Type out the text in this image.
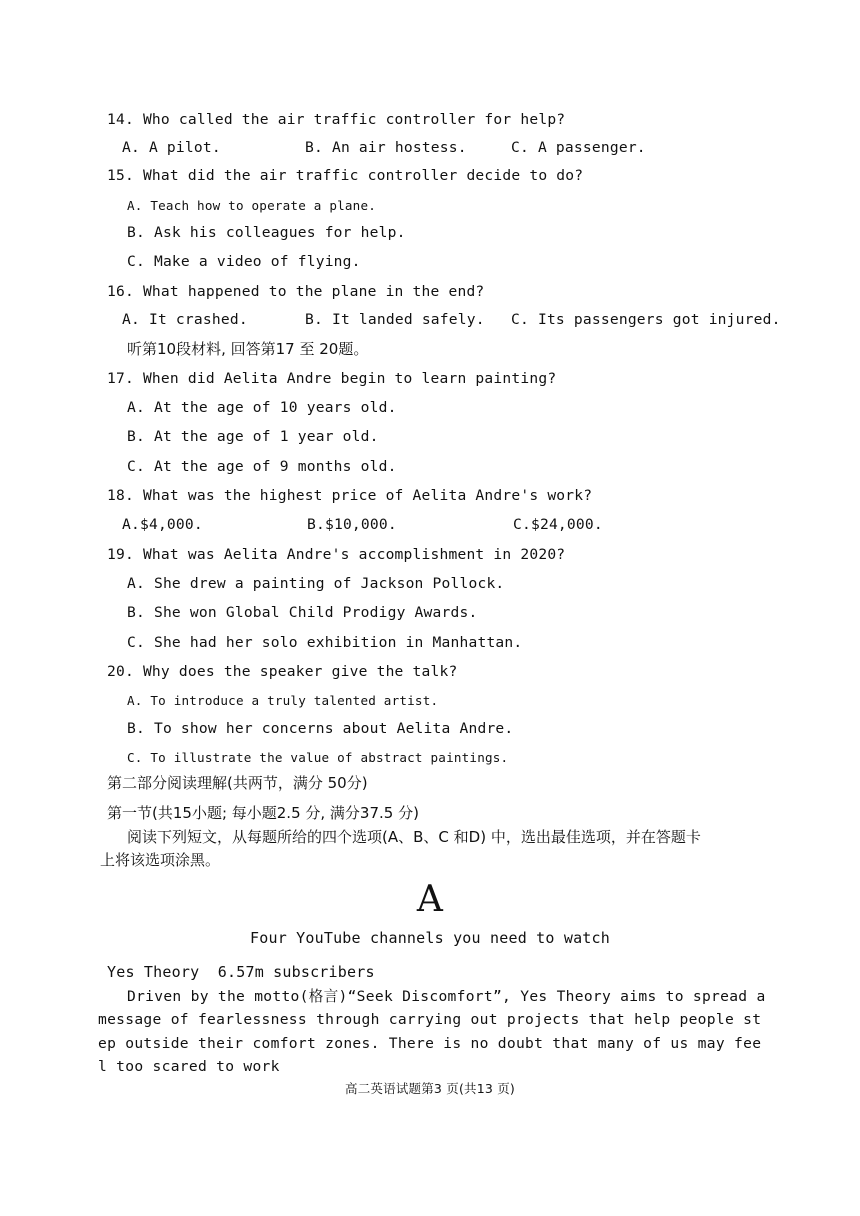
14. Who called the air traffic controller for help?
A. A pilot.	B. An air hostess.	C. A passenger.
15. What did the air traffic controller decide to do?
A. Teach how to operate a plane.
B. Ask his colleagues for help.
C. Make a video of flying.
16. What happened to the plane in the end?
A. It crashed.	B. It landed safely. C. Its passengers got injured.
听第10段材料, 回答第17 至 20题。
17. When did Aelita Andre begin to learn painting?
A. At the age of 10 years old.
B. At the age of 1 year old.
C. At the age of 9 months old.
18. What was the highest price of Aelita Andre's work?
A.$4,000.	B.$10,000.	C.$24,000.
19. What was Aelita Andre's accomplishment in 2020?
A. She drew a painting of Jackson Pollock.
B. She won Global Child Prodigy Awards.
C. She had her solo exhibition in Manhattan.
20. Why does the speaker give the talk?
A. To introduce a truly talented artist.
B. To show her concerns about Aelita Andre.
C. To illustrate the value of abstract paintings.
第二部分阅读理解(共两节，满分 50分)
第一节(共15小题; 每小题2.5 分, 满分37.5 分)
阅读下列短文，从每题所给的四个选项(A、B、C 和D) 中，选出最佳选项，并在答题卡
上将该选项涂黑。
A
Four YouTube channels you need to watch
Yes Theory  6.57m subscribers
Driven by the motto(格言)“Seek Discomfort”, Yes Theory aims to spread a message of fearlessness through carrying out projects that help people step outside their comfort zones. There is no doubt that many of us may feel too scared to work
高二英语试题第3 页(共13 页)
